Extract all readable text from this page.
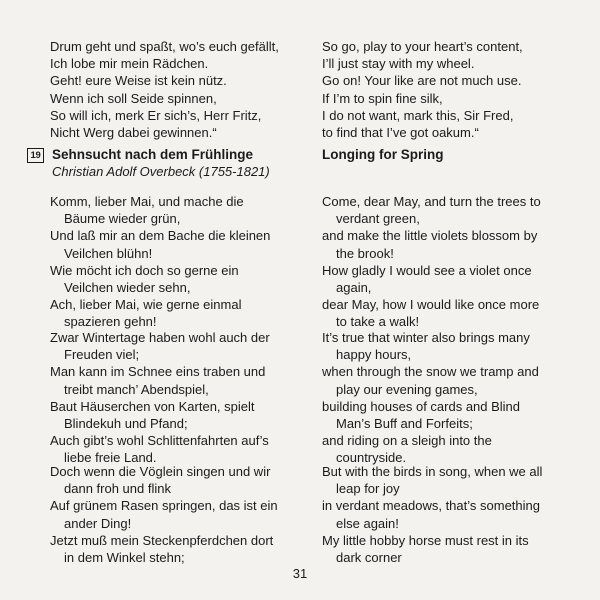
Drum geht und spaßt, wo’s euch gefällt,
Ich lobe mir mein Rädchen.
Geht! eure Weise ist kein nütz.
Wenn ich soll Seide spinnen,
So will ich, merk Er sich’s, Herr Fritz,
Nicht Werg dabei gewinnen.“
Sehnsucht nach dem Frühlinge
Christian Adolf Overbeck (1755-1821)
Komm, lieber Mai, und mache die
Bäume wieder grün,
Und laß mir an dem Bache die kleinen
Veilchen blühn!
Wie möcht ich doch so gerne ein
Veilchen wieder sehn,
Ach, lieber Mai, wie gerne einmal
spazieren gehn!
Zwar Wintertage haben wohl auch der
Freuden viel;
Man kann im Schnee eins traben und
treibt manch’ Abendspiel,
Baut Häuserchen von Karten, spielt
Blindekuh und Pfand;
Auch gibt’s wohl Schlittenfahrten auf’s
liebe freie Land.
Doch wenn die Vöglein singen und wir
dann froh und flink
Auf grünem Rasen springen, das ist ein
ander Ding!
Jetzt muß mein Steckenpferdchen dort
in dem Winkel stehn;
19
So go, play to your heart’s content,
I’ll just stay with my wheel.
Go on! Your like are not much use.
If I’m to spin fine silk,
I do not want, mark this, Sir Fred,
to find that I’ve got oakum.“
Longing for Spring
Come, dear May, and turn the trees to
verdant green,
and make the little violets blossom by
the brook!
How gladly I would see a violet once
again,
dear May, how I would like once more
to take a walk!
It’s true that winter also brings many
happy hours,
when through the snow we tramp and
play our evening games,
building houses of cards and Blind
Man’s Buff and Forfeits;
and riding on a sleigh into the
countryside.
But with the birds in song, when we all
leap for joy
in verdant meadows, that’s something
else again!
My little hobby horse must rest in its
dark corner
31
